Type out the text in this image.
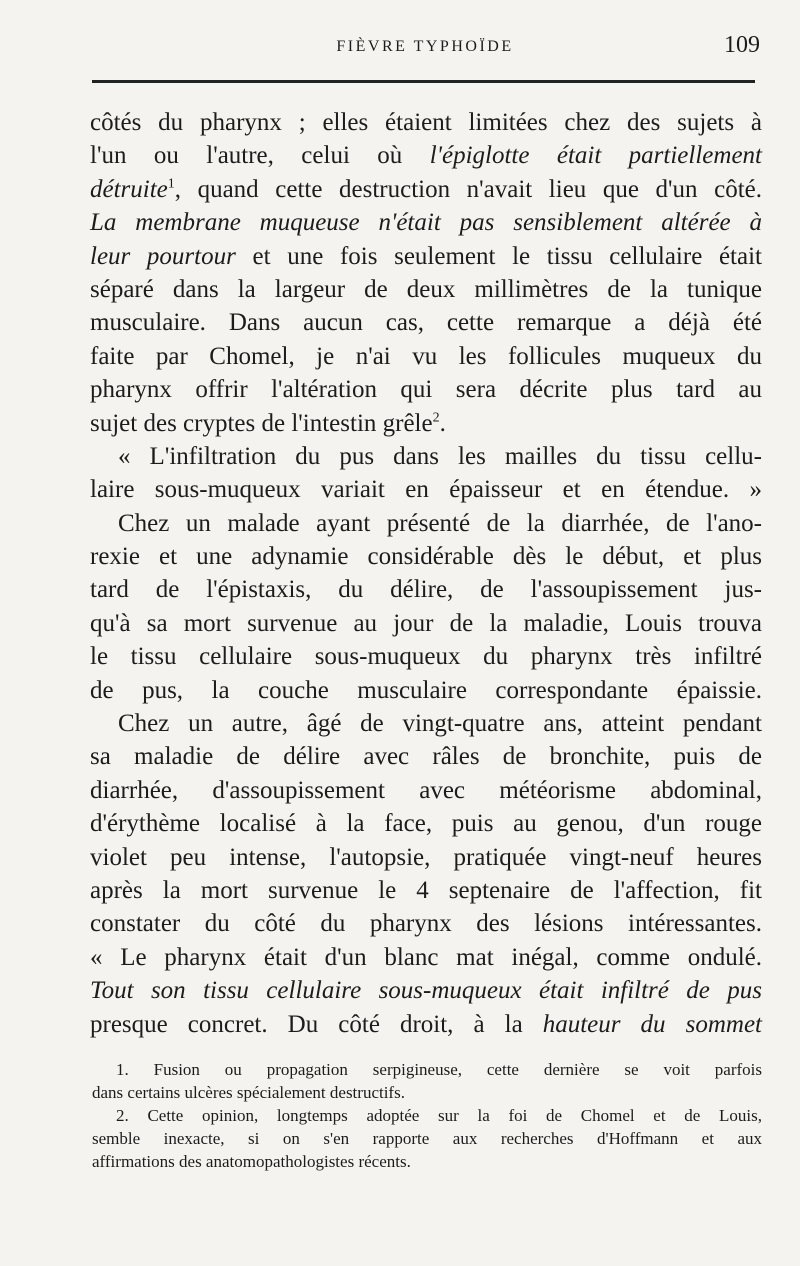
FIÈVRE TYPHOÏDE	109
côtés du pharynx ; elles étaient limitées chez des sujets à
l'un ou l'autre, celui où l'épiglotte était partiellement
détruite$^1$, quand cette destruction n'avait lieu que d'un côté.
La membrane muqueuse n'était pas sensiblement altérée à
leur pourtour et une fois seulement le tissu cellulaire était
séparé dans la largeur de deux millimètres de la tunique
musculaire. Dans aucun cas, cette remarque a déjà été
faite par Chomel, je n'ai vu les follicules muqueux du
pharynx offrir l'altération qui sera décrite plus tard au
sujet des cryptes de l'intestin grêle$^2$.
« L'infiltration du pus dans les mailles du tissu cellu-
laire sous-muqueux variait en épaisseur et en étendue. »
Chez un malade ayant présenté de la diarrhée, de l'ano-
rexie et une adynamie considérable dès le début, et plus
tard de l'épistaxis, du délire, de l'assoupissement jus-
qu'à sa mort survenue au jour de la maladie, Louis trouva
le tissu cellulaire sous-muqueux du pharynx très infiltré
de pus, la couche musculaire correspondante épaissie.
Chez un autre, âgé de vingt-quatre ans, atteint pendant
sa maladie de délire avec râles de bronchite, puis de
diarrhée, d'assoupissement avec météorisme abdominal,
d'érythème localisé à la face, puis au genou, d'un rouge
violet peu intense, l'autopsie, pratiquée vingt-neuf heures
après la mort survenue le 4 septenaire de l'affection, fit
constater du côté du pharynx des lésions intéressantes.
« Le pharynx était d'un blanc mat inégal, comme ondulé.
Tout son tissu cellulaire sous-muqueux était infiltré de pus
presque concret. Du côté droit, à la hauteur du sommet
1. Fusion ou propagation serpigineuse, cette dernière se voit parfois
dans certains ulcères spécialement destructifs.
2. Cette opinion, longtemps adoptée sur la foi de Chomel et de Louis,
semble inexacte, si on s'en rapporte aux recherches d'Hoffmann et aux
affirmations des anatomopathologistes récents.
